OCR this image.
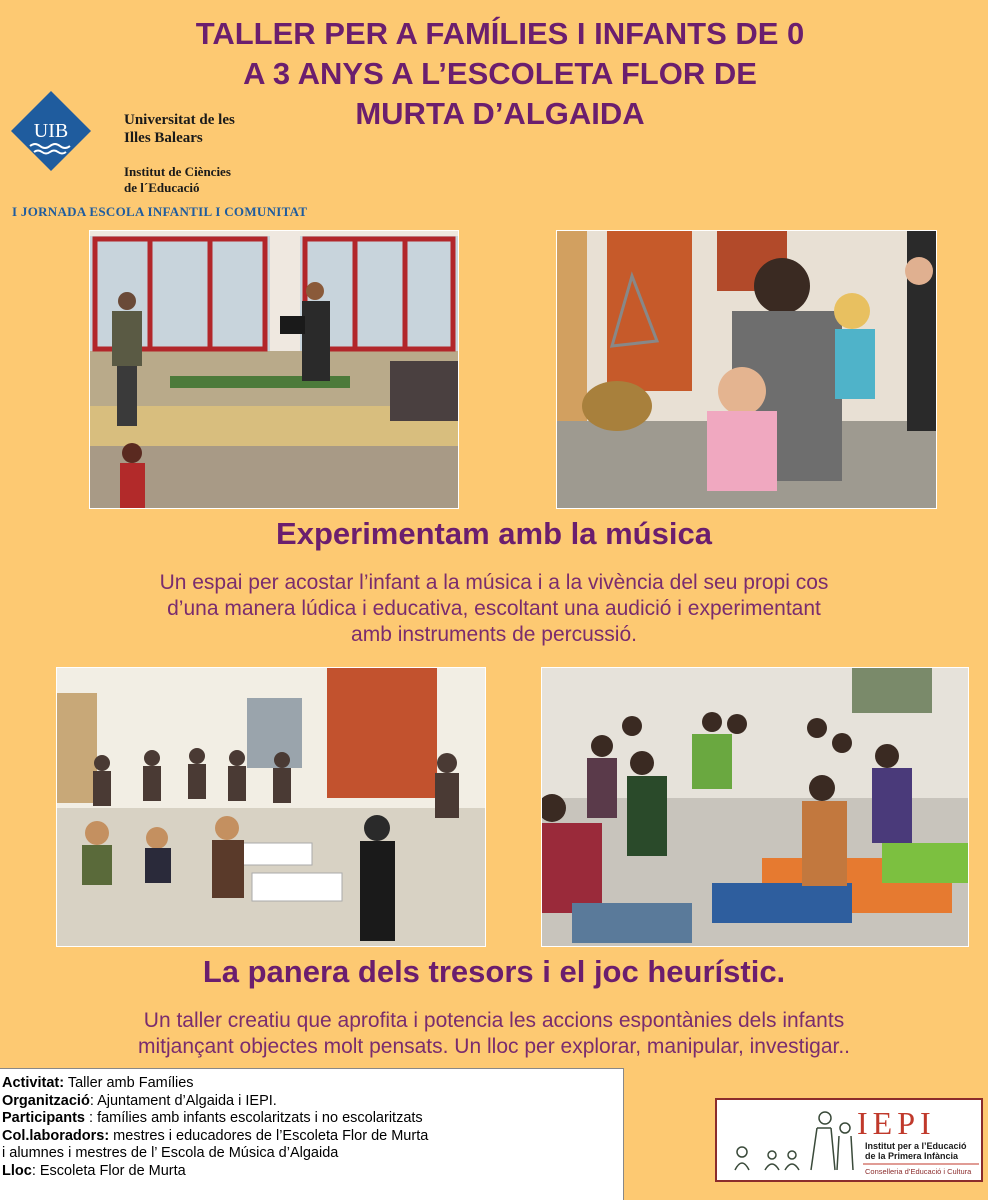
TALLER PER A FAMÍLIES I INFANTS DE 0
A 3 ANYS A L’ESCOLETA FLOR DE
MURTA D’ALGAIDA
UIB	Universitat de les
Illes Balears
Institut de Ciències
de l´Educació
I JORNADA ESCOLA INFANTIL I COMUNITAT
Experimentam amb la música
Un espai per acostar l’infant a la música i a la vivència del seu propi cos
d’una manera lúdica i educativa, escoltant una audició i experimentant
amb instruments de percussió.
La panera dels tresors i el joc heurístic.
Un taller creatiu que aprofita i potencia les accions espontànies dels infants
mitjançant objectes molt pensats. Un lloc per explorar, manipular, investigar..
Activitat: Taller amb Famílies
Organització: Ajuntament d’Algaida i IEPI.
Participants : famílies amb infants escolaritzats i no escolaritzats
Col.laboradors: mestres i educadores de l’Escoleta Flor de Murta
i alumnes i mestres de l’ Escola de Música d’Algaida
Lloc: Escoleta Flor de Murta
IEPI
Institut per a l’Educació
de la Primera Infància
Conselleria d’Educació i Cultura
